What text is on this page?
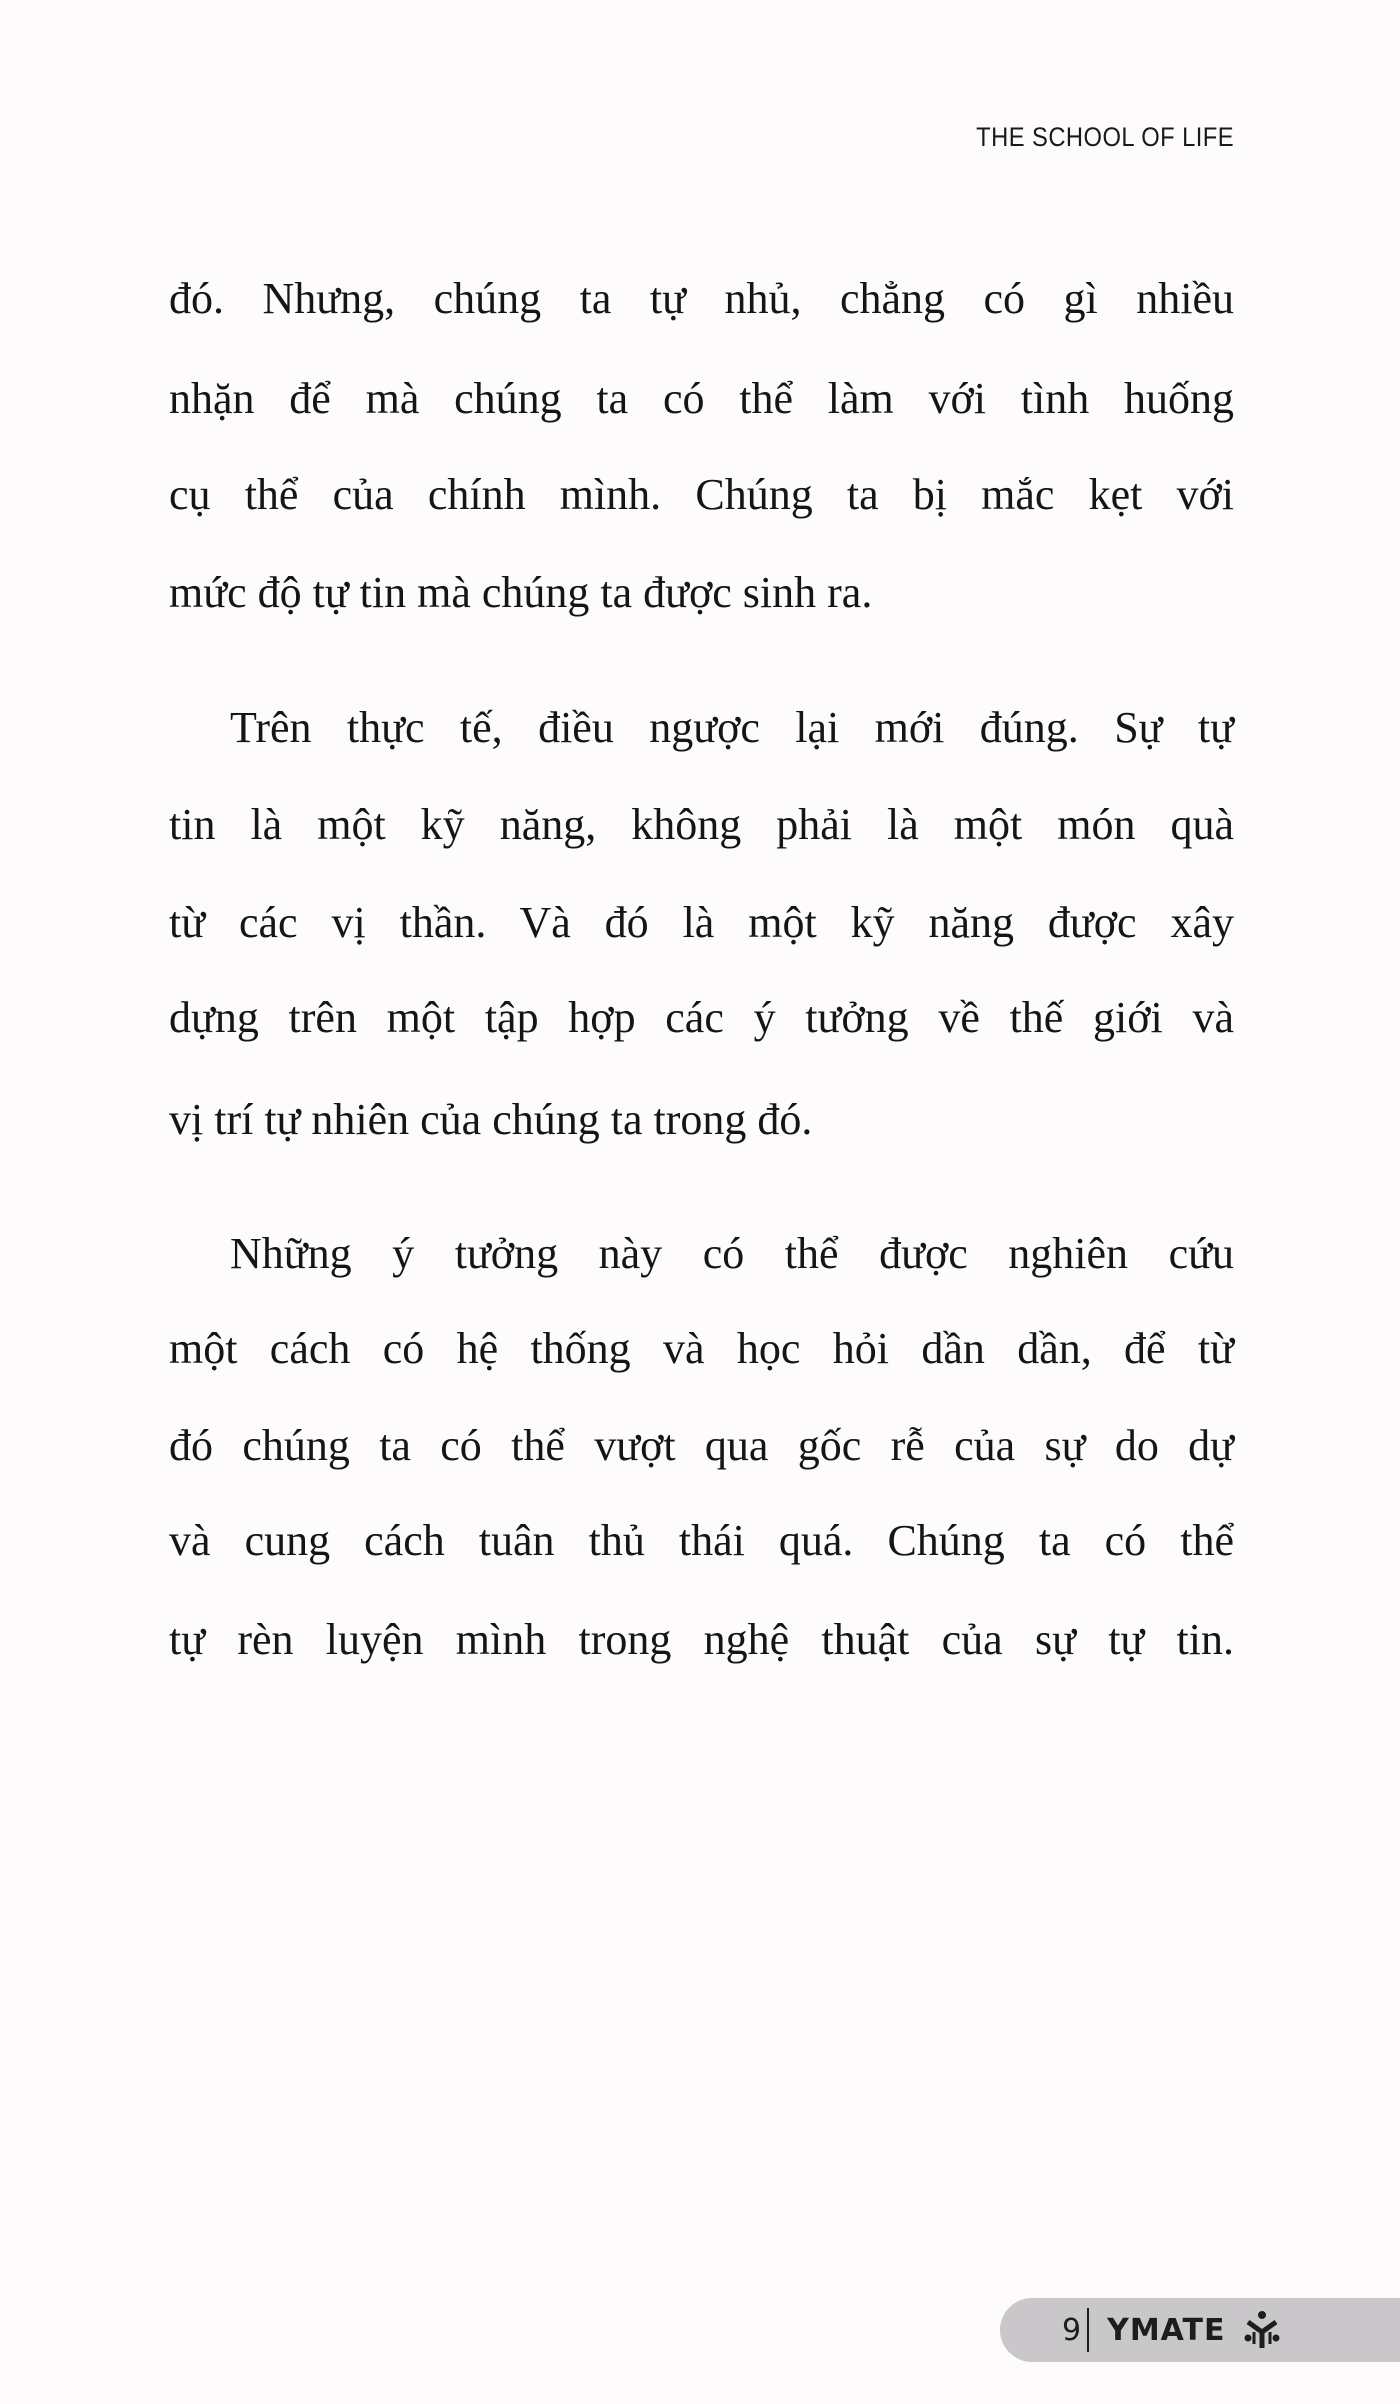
THE SCHOOL OF LIFE
đó. Nhưng, chúng ta tự nhủ, chẳng có gì nhiều
nhặn để mà chúng ta có thể làm với tình huống
cụ thể của chính mình. Chúng ta bị mắc kẹt với
mức độ tự tin mà chúng ta được sinh ra.
Trên thực tế, điều ngược lại mới đúng. Sự tự
tin là một kỹ năng, không phải là một món quà
từ các vị thần. Và đó là một kỹ năng được xây
dựng trên một tập hợp các ý tưởng về thế giới và
vị trí tự nhiên của chúng ta trong đó.
Những ý tưởng này có thể được nghiên cứu
một cách có hệ thống và học hỏi dần dần, để từ
đó chúng ta có thể vượt qua gốc rễ của sự do dự
và cung cách tuân thủ thái quá. Chúng ta có thể
tự rèn luyện mình trong nghệ thuật của sự tự tin.
9 YMATE
